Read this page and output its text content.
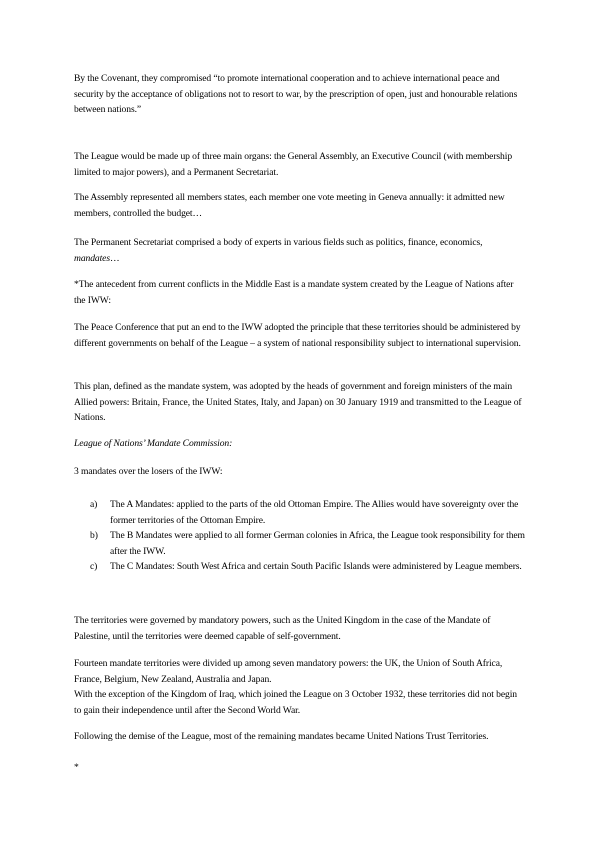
By the Covenant, they compromised “to promote international cooperation and to achieve international peace and security by the acceptance of obligations not to resort to war, by the prescription of open, just and honourable relations between nations.”

The League would be made up of three main organs: the General Assembly, an Executive Council (with membership limited to major powers), and a Permanent Secretariat.

The Assembly represented all members states, each member one vote meeting in Geneva annually: it admitted new members, controlled the budget…

The Permanent Secretariat comprised a body of experts in various fields such as politics, finance, economics, mandates…

*The antecedent from current conflicts in the Middle East is a mandate system created by the League of Nations after the IWW:

The Peace Conference that put an end to the IWW adopted the principle that these territories should be administered by different governments on behalf of the League – a system of national responsibility subject to international supervision.

This plan, defined as the mandate system, was adopted by the heads of government and foreign ministers of the main Allied powers: Britain, France, the United States, Italy, and Japan) on 30 January 1919 and transmitted to the League of Nations.

League of Nations’ Mandate Commission:

3 mandates over the losers of the IWW:

a) The A Mandates: applied to the parts of the old Ottoman Empire. The Allies would have sovereignty over the former territories of the Ottoman Empire.
b) The B Mandates were applied to all former German colonies in Africa, the League took responsibility for them after the IWW.
c) The C Mandates: South West Africa and certain South Pacific Islands were administered by League members.

The territories were governed by mandatory powers, such as the United Kingdom in the case of the Mandate of Palestine, until the territories were deemed capable of self-government.

Fourteen mandate territories were divided up among seven mandatory powers: the UK, the Union of South Africa, France, Belgium, New Zealand, Australia and Japan.

With the exception of the Kingdom of Iraq, which joined the League on 3 October 1932, these territories did not begin to gain their independence until after the Second World War.

Following the demise of the League, most of the remaining mandates became United Nations Trust Territories.

*
